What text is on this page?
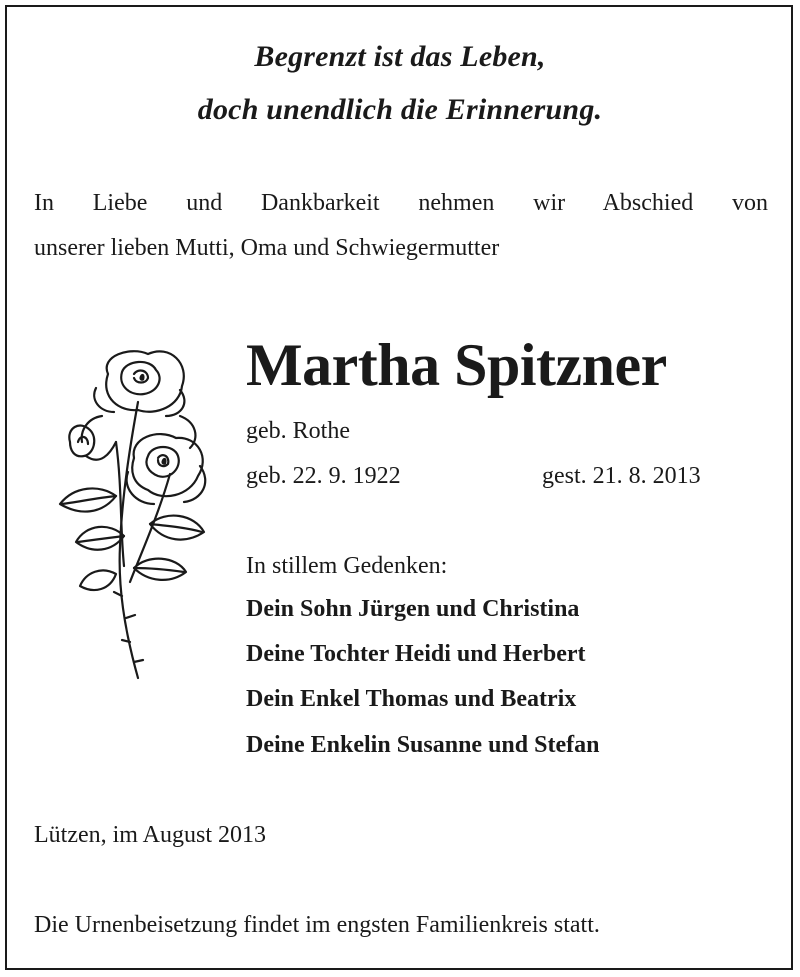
Begrenzt ist das Leben,
doch unendlich die Erinnerung.
In Liebe und Dankbarkeit nehmen wir Abschied von
unserer lieben Mutti, Oma und Schwiegermutter
Martha Spitzner
geb. Rothe
geb. 22. 9. 1922	gest. 21. 8. 2013
In stillem Gedenken:
Dein Sohn Jürgen und Christina
Deine Tochter Heidi und Herbert
Dein Enkel Thomas und Beatrix
Deine Enkelin Susanne und Stefan
Lützen, im August 2013
Die Urnenbeisetzung findet im engsten Familienkreis statt.
